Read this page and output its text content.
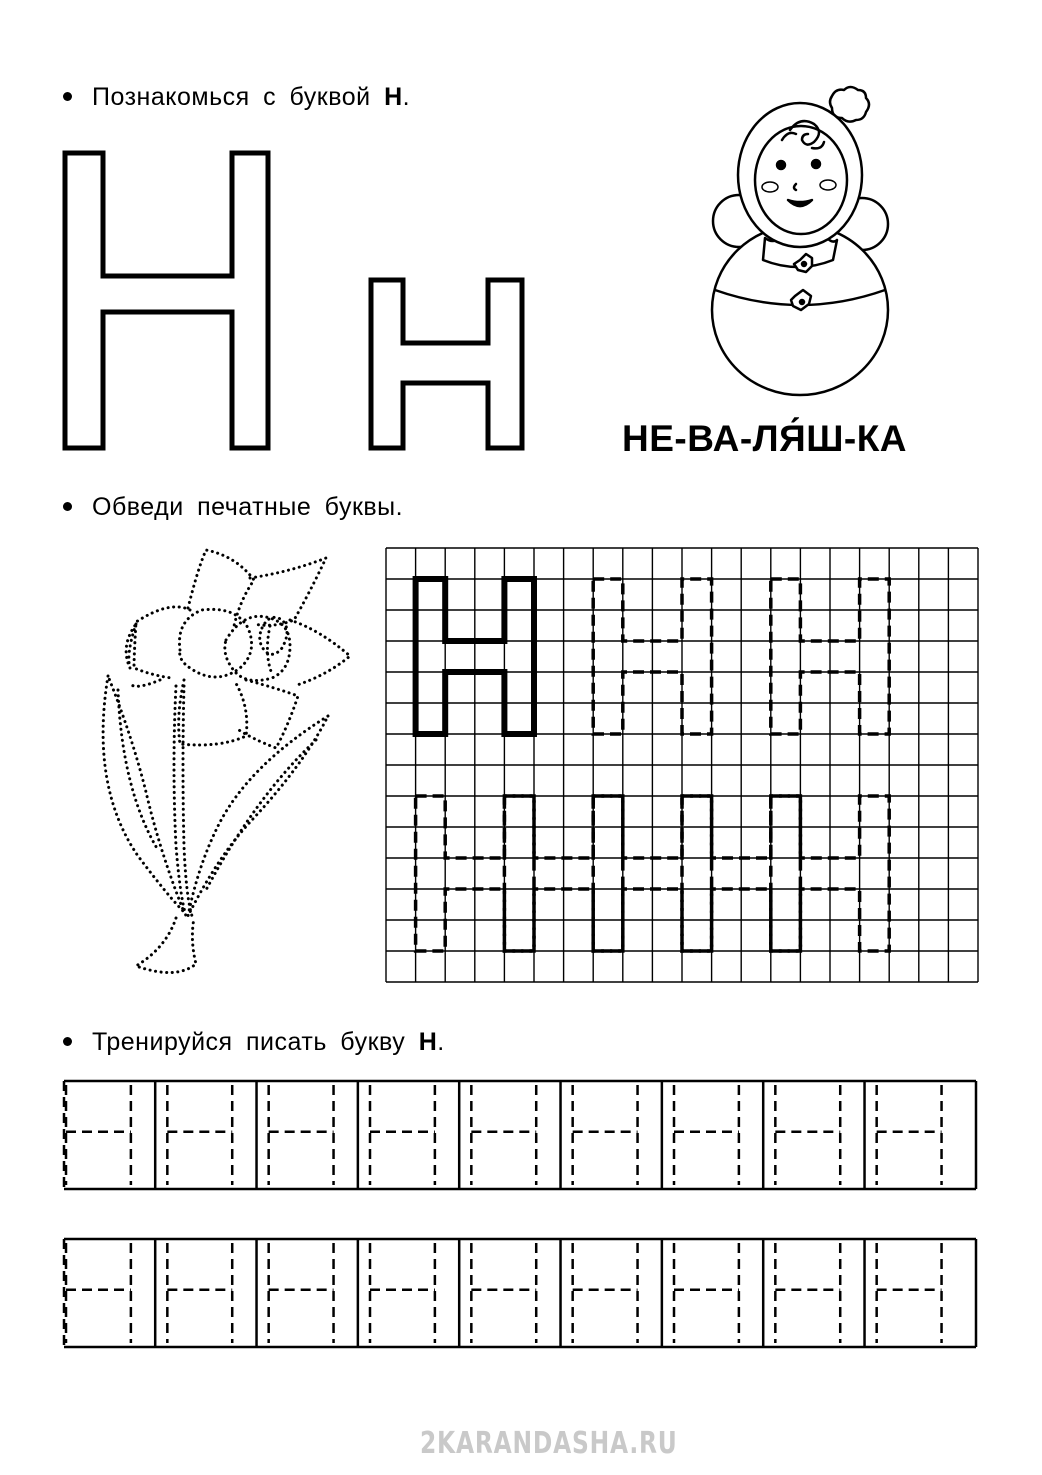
Познакомься с буквой Н.
НЕ-ВА-ЛЯ́Ш-КА
Обведи печатные буквы.
Тренируйся писать букву Н.
2KARANDASHA.RU
